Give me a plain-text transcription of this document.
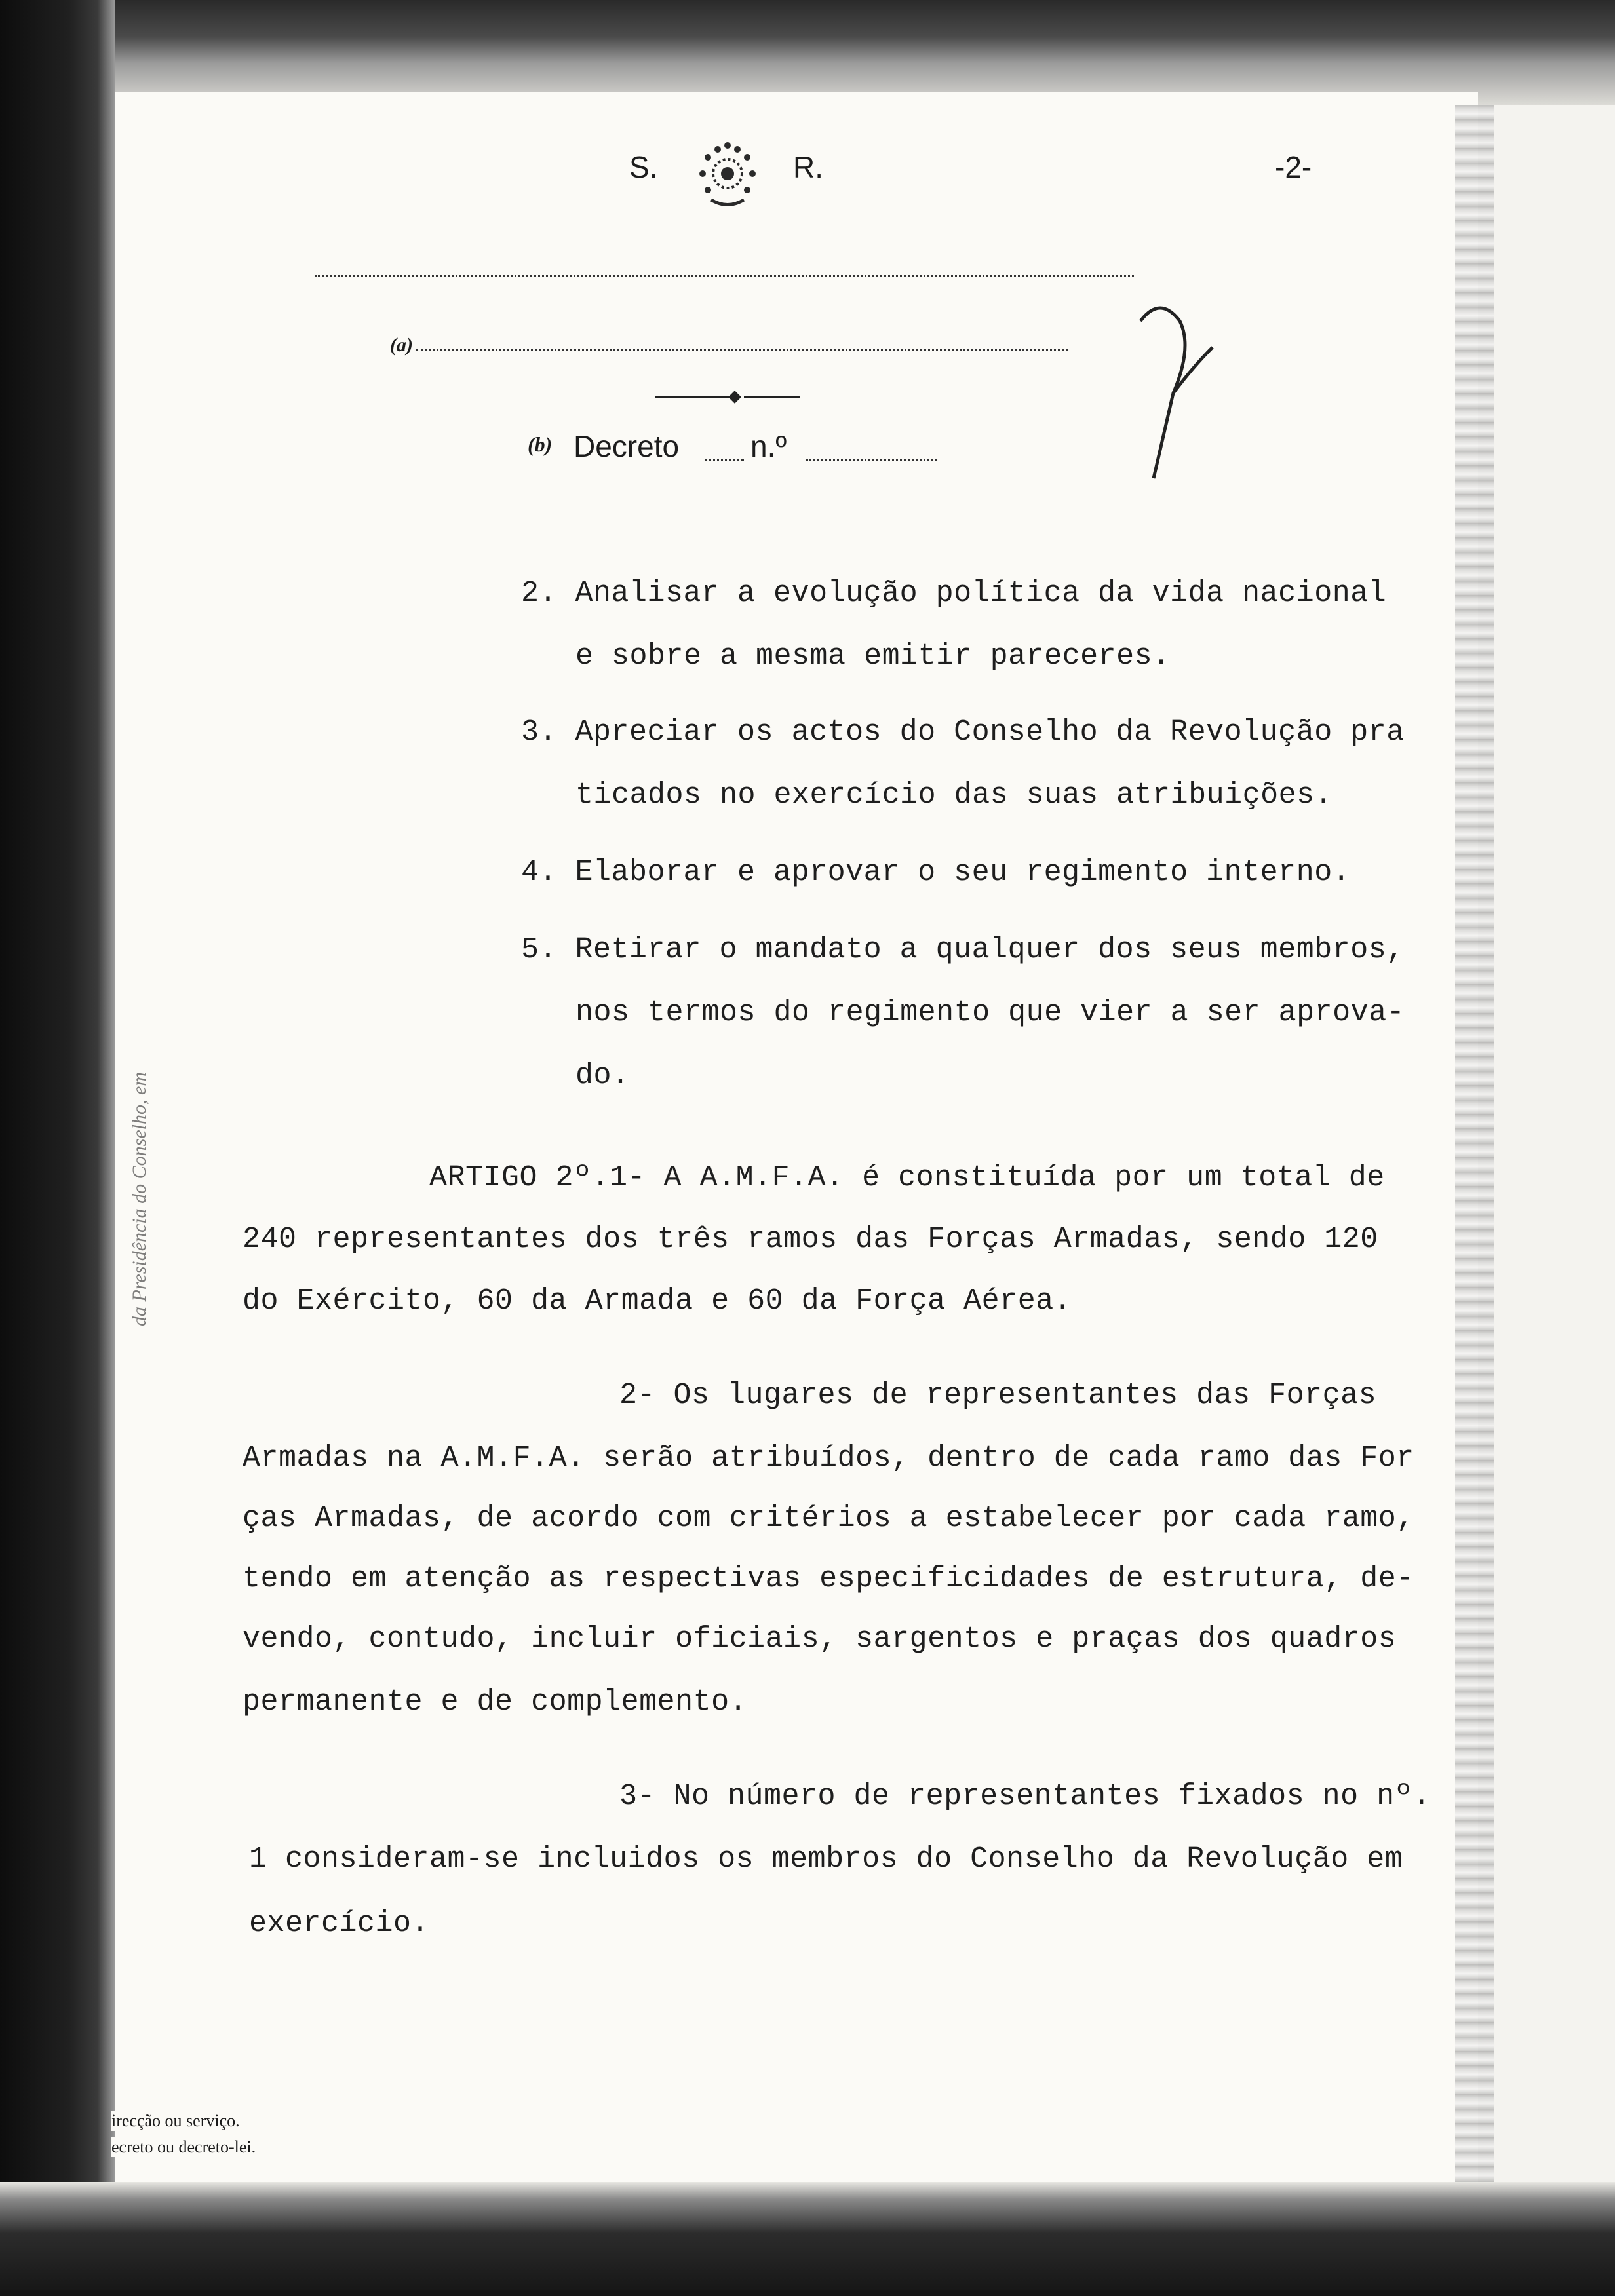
da Presidência do Conselho, em
S.	R.	-2-
(a)
(b) Decreto n.º
2. Analisar a evolução política da vida nacional
e sobre a mesma emitir pareceres.
3. Apreciar os actos do Conselho da Revolução pra
ticados no exercício das suas atribuições.
4. Elaborar e aprovar o seu regimento interno.
5. Retirar o mandato a qualquer dos seus membros,
nos termos do regimento que vier a ser aprova-
do.
ARTIGO 2º.1- A A.M.F.A. é constituída por um total de
240 representantes dos três ramos das Forças Armadas, sendo 120
do Exército, 60 da Armada e 60 da Força Aérea.
2- Os lugares de representantes das Forças
Armadas na A.M.F.A. serão atribuídos, dentro de cada ramo das For
ças Armadas, de acordo com critérios a estabelecer por cada ramo,
tendo em atenção as respectivas especificidades de estrutura, de-
vendo, contudo, incluir oficiais, sargentos e praças dos quadros
permanente e de complemento.
3- No número de representantes fixados no nº.
1 consideram-se incluidos os membros do Conselho da Revolução em
exercício.
irecção ou serviço.
ecreto ou decreto-lei.
